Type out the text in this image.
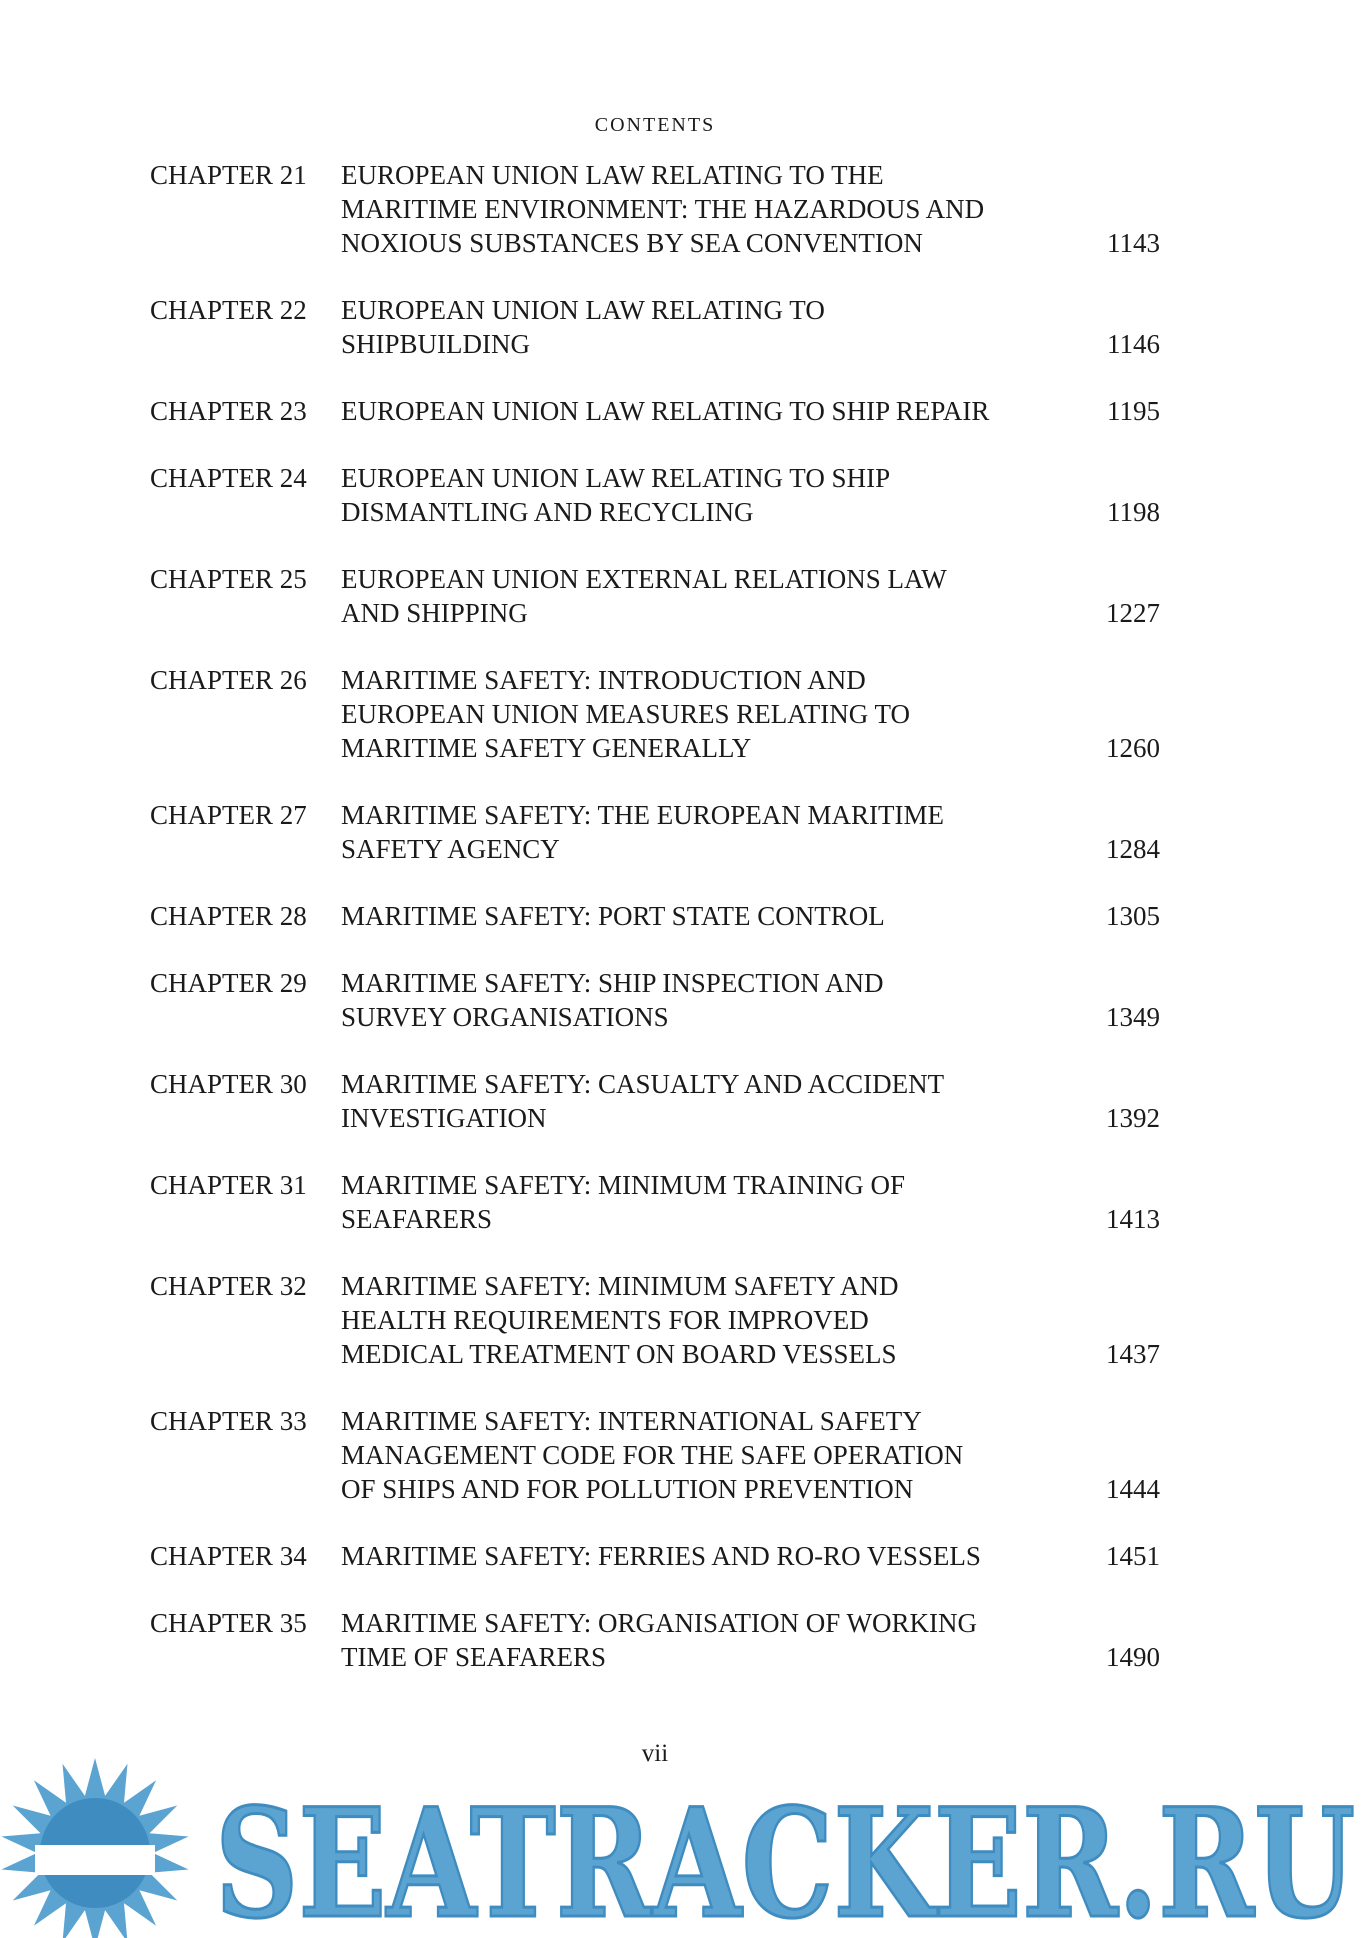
CONTENTS
CHAPTER 21	EUROPEAN UNION LAW RELATING TO THE
MARITIME ENVIRONMENT: THE HAZARDOUS AND
NOXIOUS SUBSTANCES BY SEA CONVENTION	1143
CHAPTER 22	EUROPEAN UNION LAW RELATING TO
SHIPBUILDING	1146
CHAPTER 23	EUROPEAN UNION LAW RELATING TO SHIP REPAIR	1195
CHAPTER 24	EUROPEAN UNION LAW RELATING TO SHIP
DISMANTLING AND RECYCLING	1198
CHAPTER 25	EUROPEAN UNION EXTERNAL RELATIONS LAW
AND SHIPPING	1227
CHAPTER 26	MARITIME SAFETY: INTRODUCTION AND
EUROPEAN UNION MEASURES RELATING TO
MARITIME SAFETY GENERALLY	1260
CHAPTER 27	MARITIME SAFETY: THE EUROPEAN MARITIME
SAFETY AGENCY	1284
CHAPTER 28	MARITIME SAFETY: PORT STATE CONTROL	1305
CHAPTER 29	MARITIME SAFETY: SHIP INSPECTION AND
SURVEY ORGANISATIONS	1349
CHAPTER 30	MARITIME SAFETY: CASUALTY AND ACCIDENT
INVESTIGATION	1392
CHAPTER 31	MARITIME SAFETY: MINIMUM TRAINING OF
SEAFARERS	1413
CHAPTER 32	MARITIME SAFETY: MINIMUM SAFETY AND
HEALTH REQUIREMENTS FOR IMPROVED
MEDICAL TREATMENT ON BOARD VESSELS	1437
CHAPTER 33	MARITIME SAFETY: INTERNATIONAL SAFETY
MANAGEMENT CODE FOR THE SAFE OPERATION
OF SHIPS AND FOR POLLUTION PREVENTION	1444
CHAPTER 34	MARITIME SAFETY: FERRIES AND RO-RO VESSELS	1451
CHAPTER 35	MARITIME SAFETY: ORGANISATION OF WORKING
TIME OF SEAFARERS	1490
vii
SEATRACKER.RU
